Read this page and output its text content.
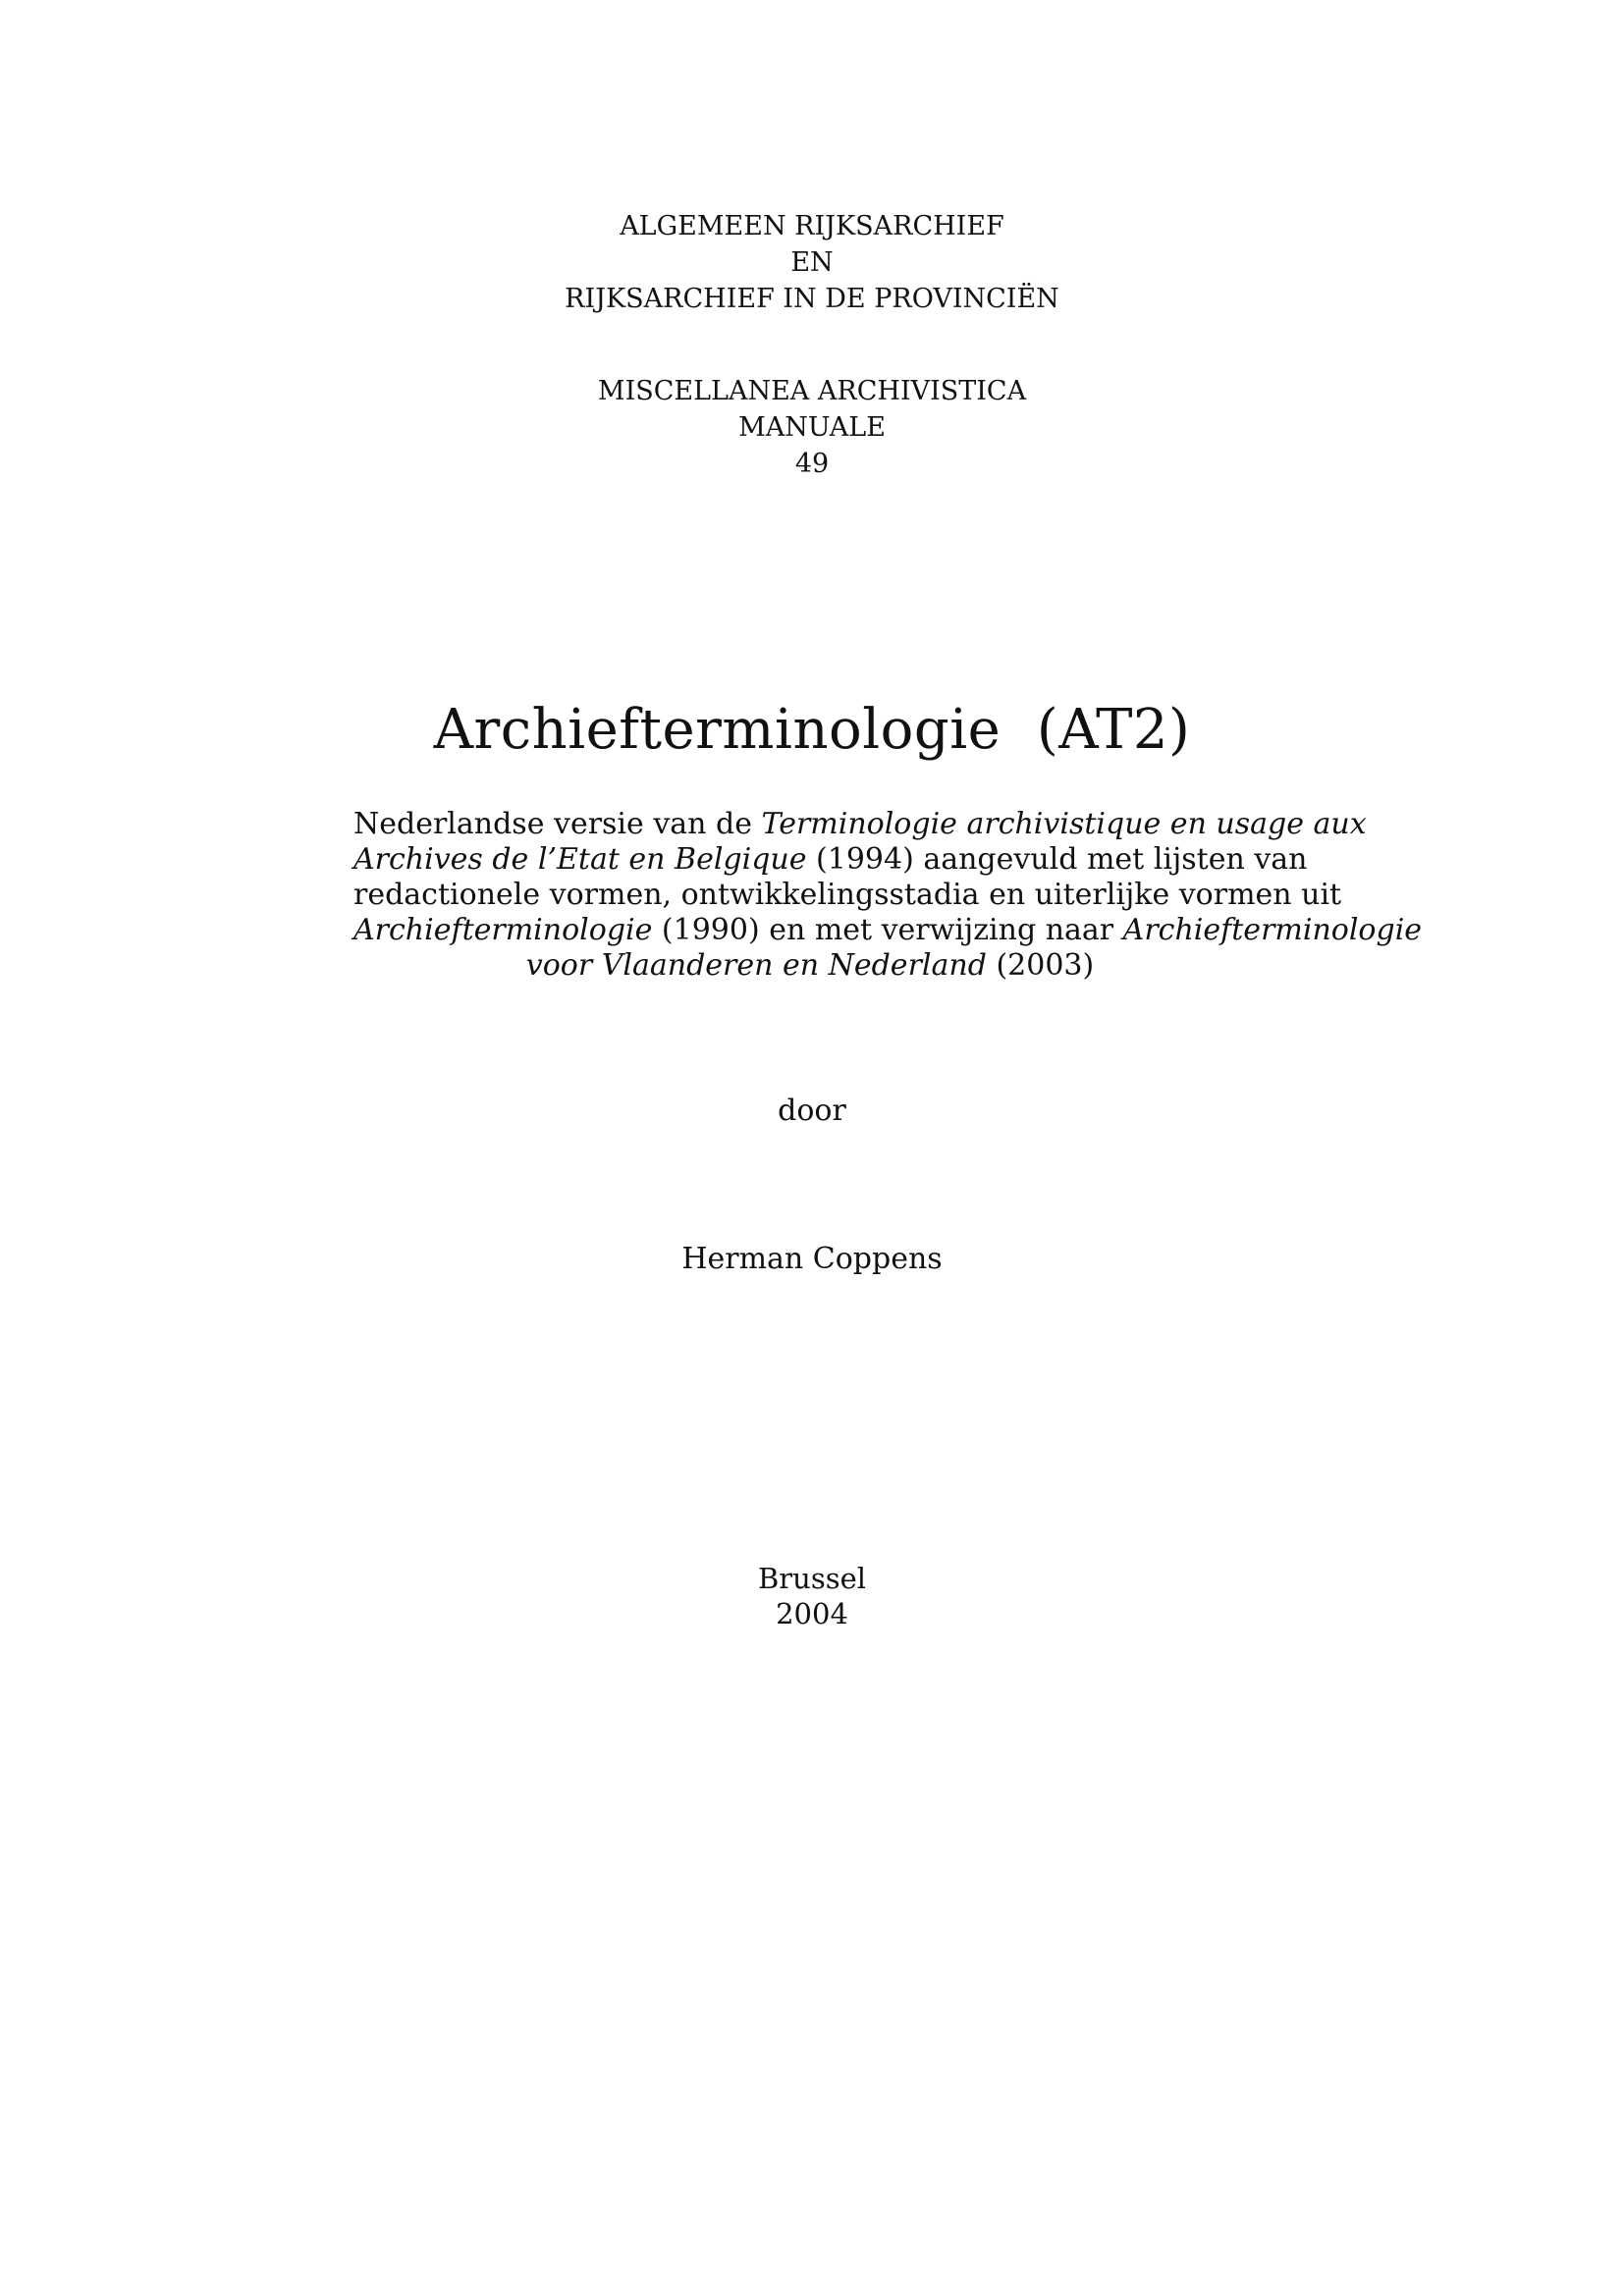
ALGEMEEN RIJKSARCHIEF
EN
RIJKSARCHIEF IN DE PROVINCIËN
MISCELLANEA ARCHIVISTICA
MANUALE
49
Archiefterminologie  (AT2)
Nederlandse versie van de Terminologie archivistique en usage aux
Archives de l’Etat en Belgique (1994) aangevuld met lijsten van
redactionele vormen, ontwikkelingsstadia en uiterlijke vormen uit
Archiefterminologie (1990) en met verwijzing naar Archiefterminologie
voor Vlaanderen en Nederland (2003)
door
Herman Coppens
Brussel
2004
